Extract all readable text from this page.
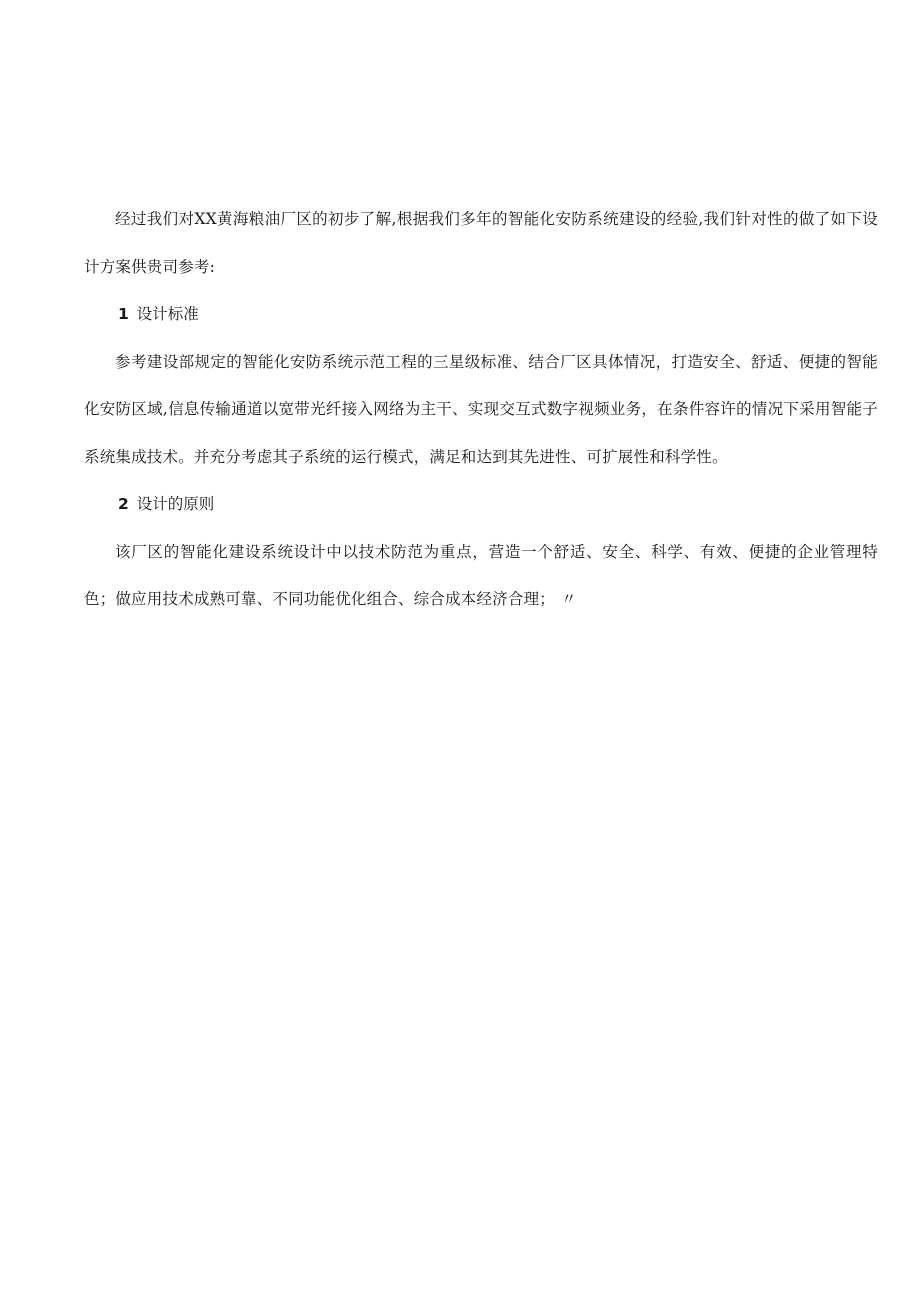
经过我们对XX黄海粮油厂区的初步了解,根据我们多年的智能化安防系统建设的经验,我们针对性的做了如下设计方案供贵司参考:

1 设计标准

参考建设部规定的智能化安防系统示范工程的三星级标准、结合厂区具体情况，打造安全、舒适、便捷的智能化安防区域,信息传输通道以宽带光纤接入网络为主干、实现交互式数字视频业务，在条件容许的情况下采用智能子系统集成技术。并充分考虑其子系统的运行模式，满足和达到其先进性、可扩展性和科学性。

2 设计的原则

该厂区的智能化建设系统设计中以技术防范为重点，营造一个舒适、安全、科学、有效、便捷的企业管理特色；做应用技术成熟可靠、不同功能优化组合、综合成本经济合理； 〃
